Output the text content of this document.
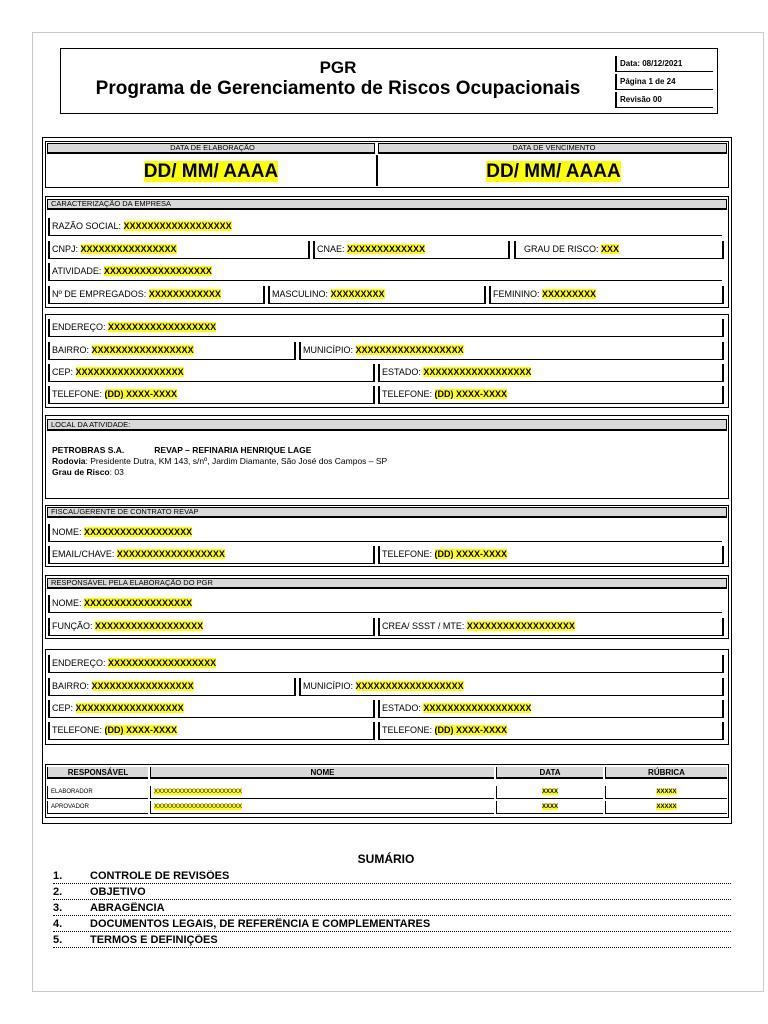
PGR
Programa de Gerenciamento de Riscos Ocupacionais
Data: 08/12/2021
Página 1 de 24
Revisão 00
DATA DE ELABORAÇÃO	DATA DE VENCIMENTO
DD/ MM/ AAAA	DD/ MM/ AAAA
CARACTERIZAÇÃO DA EMPRESA
RAZÃO SOCIAL: XXXXXXXXXXXXXXXXXX
CNPJ: XXXXXXXXXXXXXXXX	CNAE: XXXXXXXXXXXXX	GRAU DE RISCO: XXX
ATIVIDADE: XXXXXXXXXXXXXXXXXX
Nº DE EMPREGADOS: XXXXXXXXXXXX	MASCULINO: XXXXXXXXX	FEMININO: XXXXXXXXX
ENDEREÇO: XXXXXXXXXXXXXXXXXX
BAIRRO: XXXXXXXXXXXXXXXXX	MUNICÍPIO: XXXXXXXXXXXXXXXXXX
CEP: XXXXXXXXXXXXXXXXXX	ESTADO: XXXXXXXXXXXXXXXXXX
TELEFONE: (DD) XXXX-XXXX	TELEFONE: (DD) XXXX-XXXX
LOCAL DA ATIVIDADE:
PETROBRAS S.A.	REVAP – REFINARIA HENRIQUE LAGE
Rodovia: Presidente Dutra, KM 143, s/nº, Jardim Diamante, São José dos Campos – SP
Grau de Risco: 03
FISCAL/GERENTE DE CONTRATO REVAP
NOME: XXXXXXXXXXXXXXXXXX
EMAIL/CHAVE: XXXXXXXXXXXXXXXXXX	TELEFONE: (DD) XXXX-XXXX
RESPONSÁVEL PELA ELABORAÇÃO DO PGR
NOME: XXXXXXXXXXXXXXXXXX
FUNÇÃO: XXXXXXXXXXXXXXXXXX	CREA/ SSST / MTE: XXXXXXXXXXXXXXXXXX
ENDEREÇO: XXXXXXXXXXXXXXXXXX
BAIRRO: XXXXXXXXXXXXXXXXX	MUNICÍPIO: XXXXXXXXXXXXXXXXXX
CEP: XXXXXXXXXXXXXXXXXX	ESTADO: XXXXXXXXXXXXXXXXXX
TELEFONE: (DD) XXXX-XXXX	TELEFONE: (DD) XXXX-XXXX
RESPONSÁVEL	NOME	DATA	RÚBRICA
ELABORADOR	XXXXXXXXXXXXXXXXXXXXXX	XXXX	XXXXX
APROVADOR	XXXXXXXXXXXXXXXXXXXXXX	XXXX	XXXXX
SUMÁRIO
1.	CONTROLE DE REVISÕES
2.	OBJETIVO
3.	ABRAGÊNCIA
4.	DOCUMENTOS LEGAIS, DE REFERÊNCIA E COMPLEMENTARES
5.	TERMOS E DEFINIÇÕES
